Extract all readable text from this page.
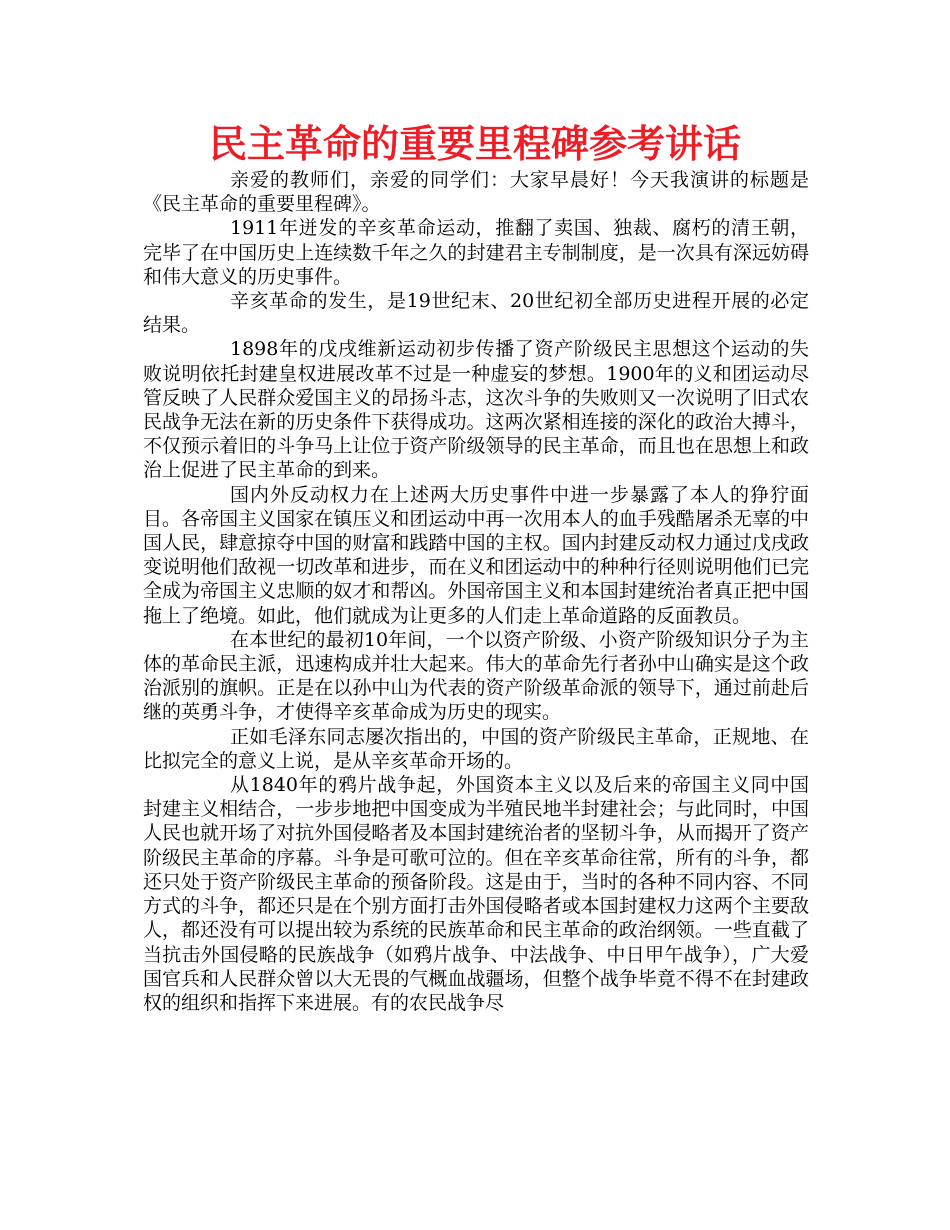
民主革命的重要里程碑参考讲话

亲爱的教师们，亲爱的同学们：大家早晨好！今天我演讲的标题是《民主革命的重要里程碑》。

1911年迸发的辛亥革命运动，推翻了卖国、独裁、腐朽的清王朝，完毕了在中国历史上连续数千年之久的封建君主专制制度，是一次具有深远妨碍和伟大意义的历史事件。

辛亥革命的发生，是19世纪末、20世纪初全部历史进程开展的必定结果。

1898年的戊戌维新运动初步传播了资产阶级民主思想这个运动的失败说明依托封建皇权进展改革不过是一种虚妄的梦想。1900年的义和团运动尽管反映了人民群众爱国主义的昂扬斗志，这次斗争的失败则又一次说明了旧式农民战争无法在新的历史条件下获得成功。这两次紧相连接的深化的政治大搏斗，不仅预示着旧的斗争马上让位于资产阶级领导的民主革命，而且也在思想上和政治上促进了民主革命的到来。

国内外反动权力在上述两大历史事件中进一步暴露了本人的狰狞面目。各帝国主义国家在镇压义和团运动中再一次用本人的血手残酷屠杀无辜的中国人民，肆意掠夺中国的财富和践踏中国的主权。国内封建反动权力通过戊戌政变说明他们敌视一切改革和进步，而在义和团运动中的种种行径则说明他们已完全成为帝国主义忠顺的奴才和帮凶。外国帝国主义和本国封建统治者真正把中国拖上了绝境。如此，他们就成为让更多的人们走上革命道路的反面教员。

在本世纪的最初10年间，一个以资产阶级、小资产阶级知识分子为主体的革命民主派，迅速构成并壮大起来。伟大的革命先行者孙中山确实是这个政治派别的旗帜。正是在以孙中山为代表的资产阶级革命派的领导下，通过前赴后继的英勇斗争，才使得辛亥革命成为历史的现实。

正如毛泽东同志屡次指出的，中国的资产阶级民主革命，正规地、在比拟完全的意义上说，是从辛亥革命开场的。

从1840年的鸦片战争起，外国资本主义以及后来的帝国主义同中国封建主义相结合，一步步地把中国变成为半殖民地半封建社会；与此同时，中国人民也就开场了对抗外国侵略者及本国封建统治者的坚韧斗争，从而揭开了资产阶级民主革命的序幕。斗争是可歌可泣的。但在辛亥革命往常，所有的斗争，都还只处于资产阶级民主革命的预备阶段。这是由于，当时的各种不同内容、不同方式的斗争，都还只是在个别方面打击外国侵略者或本国封建权力这两个主要敌人，都还没有可以提出较为系统的民族革命和民主革命的政治纲领。一些直截了当抗击外国侵略的民族战争（如鸦片战争、中法战争、中日甲午战争），广大爱国官兵和人民群众曾以大无畏的气概血战疆场，但整个战争毕竟不得不在封建政权的组织和指挥下来进展。有的农民战争尽
